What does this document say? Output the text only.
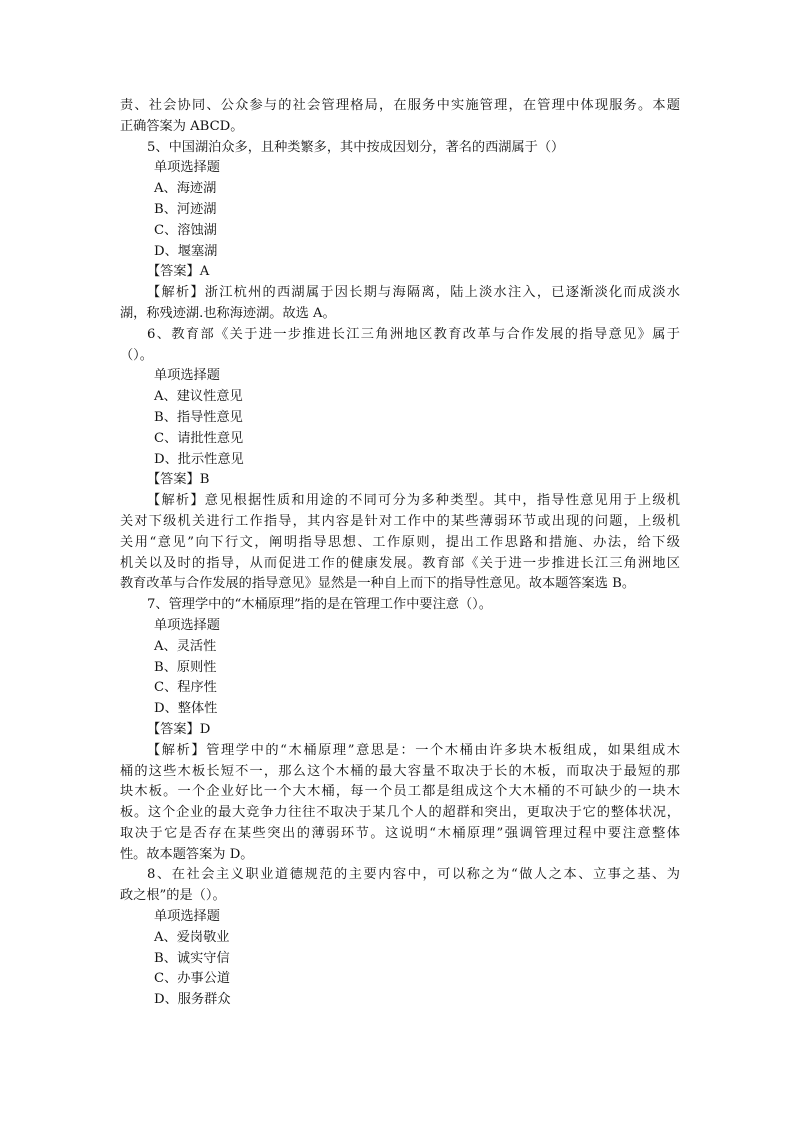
责、社会协同、公众参与的社会管理格局，在服务中实施管理，在管理中体现服务。本题
正确答案为 ABCD。
5、中国湖泊众多，且种类繁多，其中按成因划分，著名的西湖属于（）
单项选择题
A、海迹湖
B、河迹湖
C、溶蚀湖
D、堰塞湖
【答案】A
【解析】浙江杭州的西湖属于因长期与海隔离，陆上淡水注入，已逐渐淡化而成淡水
湖，称残迹湖.也称海迹湖。故选 A。
6、教育部《关于进一步推进长江三角洲地区教育改革与合作发展的指导意见》属于
（）。
单项选择题
A、建议性意见
B、指导性意见
C、请批性意见
D、批示性意见
【答案】B
【解析】意见根据性质和用途的不同可分为多种类型。其中，指导性意见用于上级机
关对下级机关进行工作指导，其内容是针对工作中的某些薄弱环节或出现的问题，上级机
关用“意见”向下行文，阐明指导思想、工作原则，提出工作思路和措施、办法，给下级
机关以及时的指导，从而促进工作的健康发展。教育部《关于进一步推进长江三角洲地区
教育改革与合作发展的指导意见》显然是一种自上而下的指导性意见。故本题答案选 B。
7、管理学中的“木桶原理”指的是在管理工作中要注意（）。
单项选择题
A、灵活性
B、原则性
C、程序性
D、整体性
【答案】D
【解析】管理学中的“木桶原理”意思是：一个木桶由许多块木板组成，如果组成木
桶的这些木板长短不一，那么这个木桶的最大容量不取决于长的木板，而取决于最短的那
块木板。一个企业好比一个大木桶，每一个员工都是组成这个大木桶的不可缺少的一块木
板。这个企业的最大竞争力往往不取决于某几个人的超群和突出，更取决于它的整体状况，
取决于它是否存在某些突出的薄弱环节。这说明“木桶原理”强调管理过程中要注意整体
性。故本题答案为 D。
8、在社会主义职业道德规范的主要内容中，可以称之为“做人之本、立事之基、为
政之根”的是（）。
单项选择题
A、爱岗敬业
B、诚实守信
C、办事公道
D、服务群众
